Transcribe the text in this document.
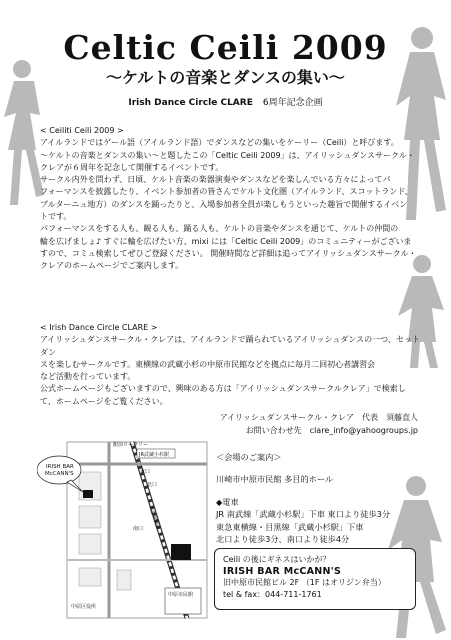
Celtic Ceili 2009
〜ケルトの音楽とダンスの集い〜
Irish Dance Circle CLARE 6周年記念企画
< Ceiliti Ceili 2009 >
アイルランドではゲール語（アイルランド語）でダンスなどの集いをケーリー（Ceili）と呼びます。
〜ケルトの音楽とダンスの集い〜と題したこの「Celtic Ceili 2009」は、アイリッシュダンスサークル・
クレアが６周年を記念して開催するイベントです。
サークル内外を問わず、日頃、ケルト音楽の楽器演奏やダンスなどを楽しんでいる方々によってパ
フォーマンスを披露したり、イベント参加者の皆さんでケルト文化圏（アイルランド、スコットランド、
ブルターニュ地方）のダンスを踊ったりと、入場参加者全員が楽しもうといった趣旨で開催するイベン
トです。
パフォーマンスをする人も、観る人も、踊る人も、ケルトの音楽やダンスを通じて、ケルトの仲間の
輪を広げましょ♪ すぐに輪を広げたい方、mixi には「Celtic Ceili 2009」のコミュニティーがございま
すので、コミュ検索してぜひご登録ください。 開催時間など詳細は追ってアイリッシュダンスサークル・
クレアのホームページでご案内します。
< Irish Dance Circle CLARE >
アイリッシュダンスサークル・クレアは、アイルランドで踊られているアイリッシュダンスの一つ、セットダン
スを楽しむサークルです。東横線の武蔵小杉の中原市民館などを拠点に毎月二回初心者講習会
など活動を行っています。
公式ホームページもございますので、興味のある方は「アイリッシュダンスサークルクレア」で検索し
て、ホームページをご覧ください。
アイリッシュダンスサークル・クレア　代表　須藤直人
お問い合わせ先　clare_info@yahoogroups.jp
中原市民館
JR武蔵小杉駅
駅前ロータリー
東口
北口
南口 東急東横線
中原区役所
IRISH BAR
McCANN'S
＜会場のご案内＞
川崎市中原市民館 多目的ホール
◆電車
JR 南武線「武蔵小杉駅」下車 東口より徒歩3分
東急東横線・目黒線「武蔵小杉駅」下車
北口より徒歩3分、南口より徒歩4分
Ceili の後にギネスはいかが？
IRISH BAR McCANN'S
旧中原市民館ビル 2F （1F はオリジン弁当）
tel & fax：044-711-1761
